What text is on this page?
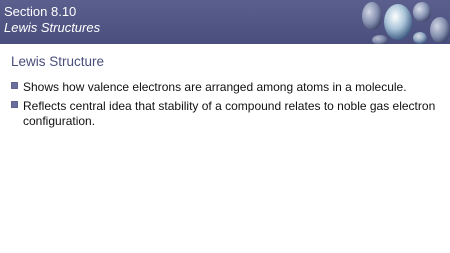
Section 8.10
Lewis Structures
Lewis Structure
Shows how valence electrons are arranged among atoms in a molecule.
Reflects central idea that stability of a compound relates to noble gas electron configuration.
